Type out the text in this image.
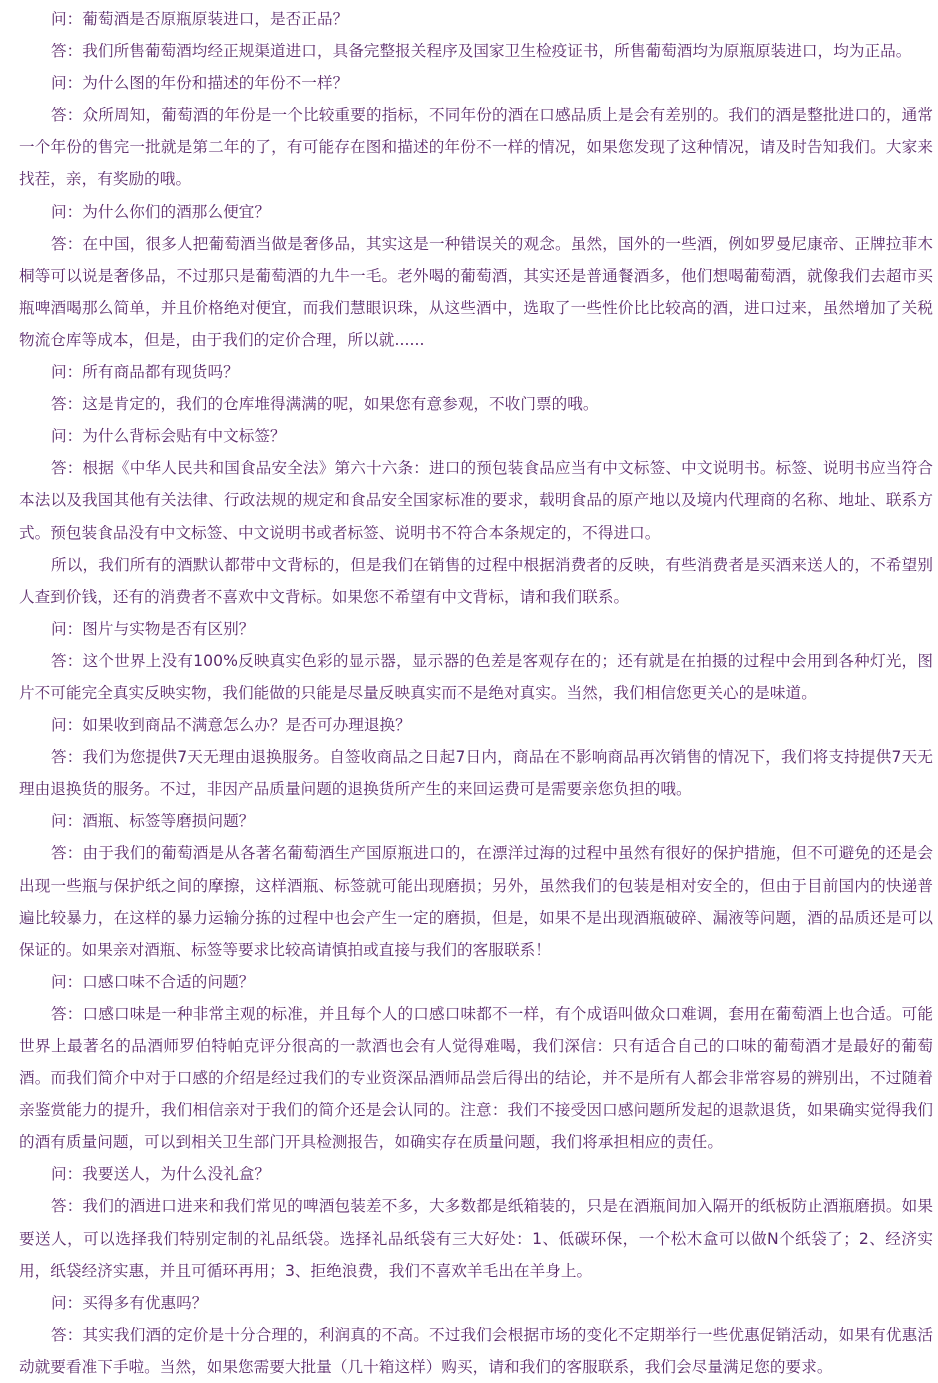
问：葡萄酒是否原瓶原装进口，是否正品？

答：我们所售葡萄酒均经正规渠道进口，具备完整报关程序及国家卫生检疫证书，所售葡萄酒均为原瓶原装进口，均为正品。

问：为什么图的年份和描述的年份不一样？

答：众所周知，葡萄酒的年份是一个比较重要的指标，不同年份的酒在口感品质上是会有差别的。我们的酒是整批进口的，通常一个年份的售完一批就是第二年的了，有可能存在图和描述的年份不一样的情况，如果您发现了这种情况，请及时告知我们。大家来找茬，亲，有奖励的哦。

问：为什么你们的酒那么便宜？

答：在中国，很多人把葡萄酒当做是奢侈品，其实这是一种错误关的观念。虽然，国外的一些酒，例如罗曼尼康帝、正牌拉菲木桐等可以说是奢侈品，不过那只是葡萄酒的九牛一毛。老外喝的葡萄酒，其实还是普通餐酒多，他们想喝葡萄酒，就像我们去超市买瓶啤酒喝那么简单，并且价格绝对便宜，而我们慧眼识珠，从这些酒中，选取了一些性价比比较高的酒，进口过来，虽然增加了关税物流仓库等成本，但是，由于我们的定价合理，所以就......

问：所有商品都有现货吗？

答：这是肯定的，我们的仓库堆得满满的呢，如果您有意参观，不收门票的哦。

问：为什么背标会贴有中文标签？

答：根据《中华人民共和国食品安全法》第六十六条：进口的预包装食品应当有中文标签、中文说明书。标签、说明书应当符合本法以及我国其他有关法律、行政法规的规定和食品安全国家标准的要求，载明食品的原产地以及境内代理商的名称、地址、联系方式。预包装食品没有中文标签、中文说明书或者标签、说明书不符合本条规定的，不得进口。

所以，我们所有的酒默认都带中文背标的，但是我们在销售的过程中根据消费者的反映，有些消费者是买酒来送人的，不希望别人查到价钱，还有的消费者不喜欢中文背标。如果您不希望有中文背标，请和我们联系。

问：图片与实物是否有区别？

答：这个世界上没有100%反映真实色彩的显示器，显示器的色差是客观存在的；还有就是在拍摄的过程中会用到各种灯光，图片不可能完全真实反映实物，我们能做的只能是尽量反映真实而不是绝对真实。当然，我们相信您更关心的是味道。

问：如果收到商品不满意怎么办？是否可办理退换？

答：我们为您提供7天无理由退换服务。自签收商品之日起7日内，商品在不影响商品再次销售的情况下，我们将支持提供7天无理由退换货的服务。不过，非因产品质量问题的退换货所产生的来回运费可是需要亲您负担的哦。

问：酒瓶、标签等磨损问题？

答：由于我们的葡萄酒是从各著名葡萄酒生产国原瓶进口的，在漂洋过海的过程中虽然有很好的保护措施，但不可避免的还是会出现一些瓶与保护纸之间的摩擦，这样酒瓶、标签就可能出现磨损；另外，虽然我们的包装是相对安全的，但由于目前国内的快递普遍比较暴力，在这样的暴力运输分拣的过程中也会产生一定的磨损，但是，如果不是出现酒瓶破碎、漏液等问题，酒的品质还是可以保证的。如果亲对酒瓶、标签等要求比较高请慎拍或直接与我们的客服联系！

问：口感口味不合适的问题？

答：口感口味是一种非常主观的标准，并且每个人的口感口味都不一样，有个成语叫做众口难调，套用在葡萄酒上也合适。可能世界上最著名的品酒师罗伯特帕克评分很高的一款酒也会有人觉得难喝，我们深信：只有适合自己的口味的葡萄酒才是最好的葡萄酒。而我们简介中对于口感的介绍是经过我们的专业资深品酒师品尝后得出的结论，并不是所有人都会非常容易的辨别出，不过随着亲鉴赏能力的提升，我们相信亲对于我们的简介还是会认同的。注意：我们不接受因口感问题所发起的退款退货，如果确实觉得我们的酒有质量问题，可以到相关卫生部门开具检测报告，如确实存在质量问题，我们将承担相应的责任。

问：我要送人，为什么没礼盒？

答：我们的酒进口进来和我们常见的啤酒包装差不多，大多数都是纸箱装的，只是在酒瓶间加入隔开的纸板防止酒瓶磨损。如果要送人，可以选择我们特别定制的礼品纸袋。选择礼品纸袋有三大好处：1、低碳环保，一个松木盒可以做N个纸袋了；2、经济实用，纸袋经济实惠，并且可循环再用；3、拒绝浪费，我们不喜欢羊毛出在羊身上。

问：买得多有优惠吗？

答：其实我们酒的定价是十分合理的，利润真的不高。不过我们会根据市场的变化不定期举行一些优惠促销活动，如果有优惠活动就要看准下手啦。当然，如果您需要大批量（几十箱这样）购买，请和我们的客服联系，我们会尽量满足您的要求。
